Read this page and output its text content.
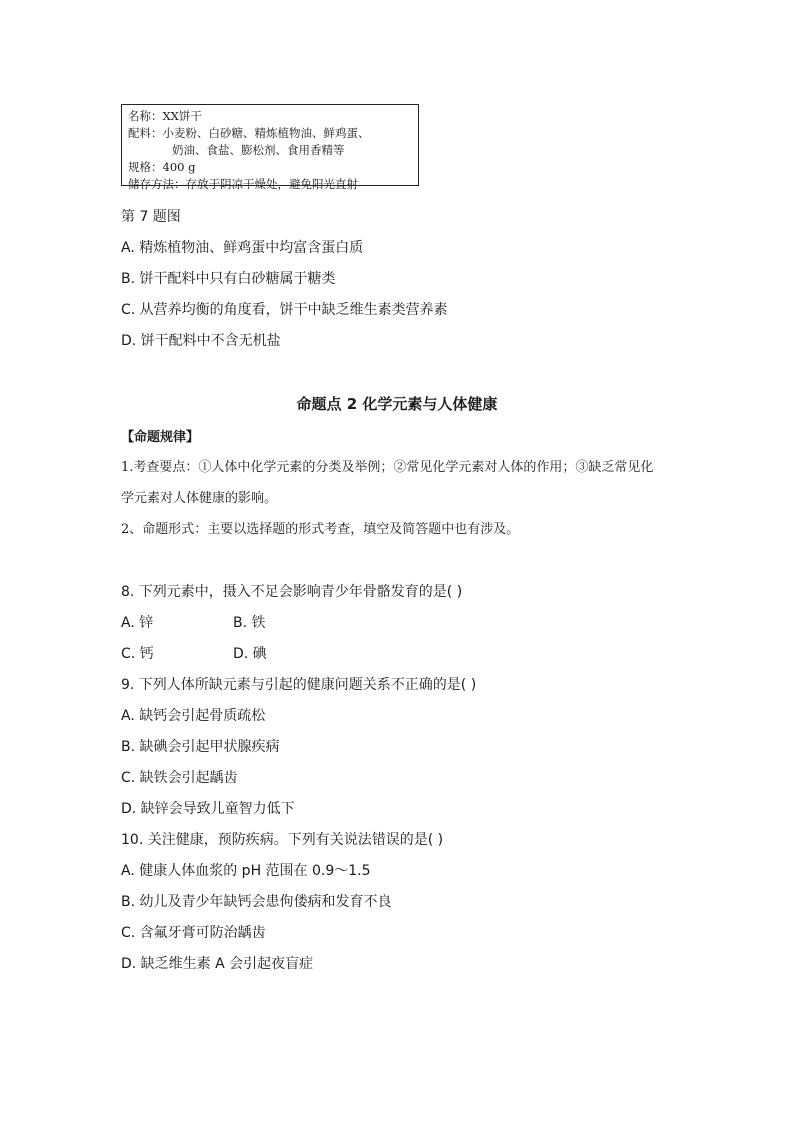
名称：XX饼干
配料：小麦粉、白砂糖、精炼植物油、鲜鸡蛋、
奶油、食盐、膨松剂、食用香精等
规格：400 g
储存方法：存放于阴凉干燥处，避免阳光直射
第 7 题图
A. 精炼植物油、鲜鸡蛋中均富含蛋白质
B. 饼干配料中只有白砂糖属于糖类
C. 从营养均衡的角度看，饼干中缺乏维生素类营养素
D. 饼干配料中不含无机盐
命题点 2 化学元素与人体健康
【命题规律】
1.考查要点：①人体中化学元素的分类及举例；②常见化学元素对人体的作用；③缺乏常见化
学元素对人体健康的影响。
2、命题形式：主要以选择题的形式考查，填空及简答题中也有涉及。
8. 下列元素中，摄入不足会影响青少年骨骼发育的是( )
A. 锌	B. 铁
C. 钙	D. 碘
9. 下列人体所缺元素与引起的健康问题关系不正确的是( )
A. 缺钙会引起骨质疏松
B. 缺碘会引起甲状腺疾病
C. 缺铁会引起龋齿
D. 缺锌会导致儿童智力低下
10. 关注健康，预防疾病。下列有关说法错误的是( )
A. 健康人体血浆的 pH 范围在 0.9～1.5
B. 幼儿及青少年缺钙会患佝偻病和发育不良
C. 含氟牙膏可防治龋齿
D. 缺乏维生素 A 会引起夜盲症
